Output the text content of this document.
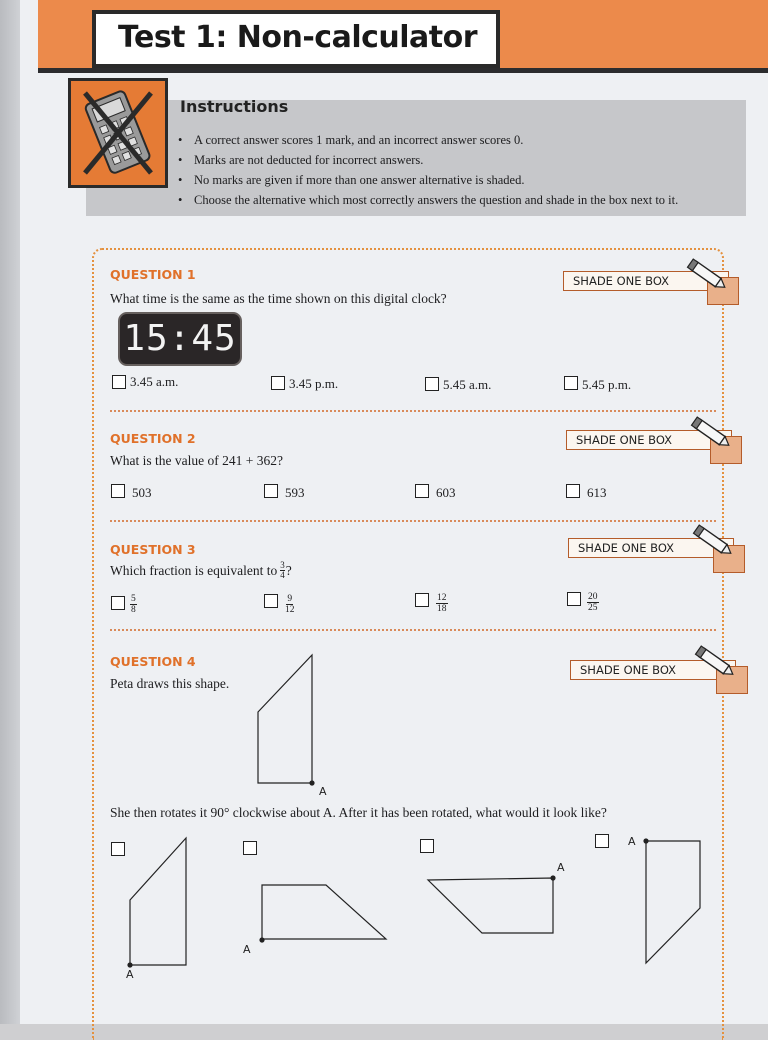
Test 1: Non-calculator
Instructions
• A correct answer scores 1 mark, and an incorrect answer scores 0.
• Marks are not deducted for incorrect answers.
• No marks are given if more than one answer alternative is shaded.
• Choose the alternative which most correctly answers the question and shade in the box next to it.
QUESTION 1
What time is the same as the time shown on this digital clock?
SHADE ONE BOX
15:45
3.45 a.m.	3.45 p.m.	5.45 a.m.	5.45 p.m.
QUESTION 2
What is the value of 241 + 362?
SHADE ONE BOX
503	593	603	613
QUESTION 3
Which fraction is equivalent to $\frac{3}{4}$ ?
SHADE ONE BOX
$\frac{5}{8}$	$\frac{9}{12}$	$\frac{12}{18}$	$\frac{20}{25}$
QUESTION 4
Peta draws this shape.
SHADE ONE BOX
A
She then rotates it 90° clockwise about A. After it has been rotated, what would it look like?
A
A
A
A
